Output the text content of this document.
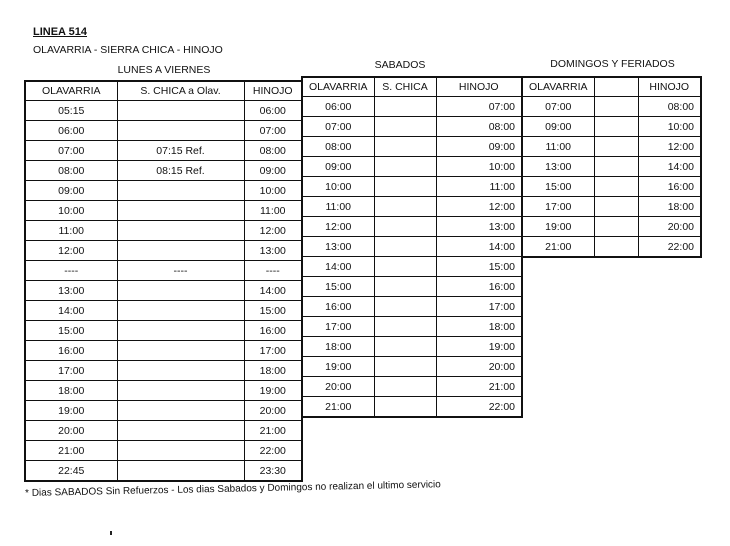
LINEA 514
OLAVARRIA - SIERRA CHICA - HINOJO
LUNES A VIERNES	SABADOS	DOMINGOS Y FERIADOS
OLAVARRIA	S. CHICA a Olav.	HINOJO
05:15		06:00
06:00		07:00
07:00	07:15 Ref.	08:00
08:00	08:15 Ref.	09:00
09:00		10:00
10:00		11:00
11:00		12:00
12:00		13:00
----	----	----
13:00		14:00
14:00		15:00
15:00		16:00
16:00		17:00
17:00		18:00
18:00		19:00
19:00		20:00
20:00		21:00
21:00		22:00
22:45		23:30
OLAVARRIA	S. CHICA	HINOJO
06:00		07:00
07:00		08:00
08:00		09:00
09:00		10:00
10:00		11:00
11:00		12:00
12:00		13:00
13:00		14:00
14:00		15:00
15:00		16:00
16:00		17:00
17:00		18:00
18:00		19:00
19:00		20:00
20:00		21:00
21:00		22:00
OLAVARRIA		HINOJO
07:00		08:00
09:00		10:00
11:00		12:00
13:00		14:00
15:00		16:00
17:00		18:00
19:00		20:00
21:00		22:00
* Dias SABADOS Sin Refuerzos - Los dias Sabados y Domingos no realizan el ultimo servicio
